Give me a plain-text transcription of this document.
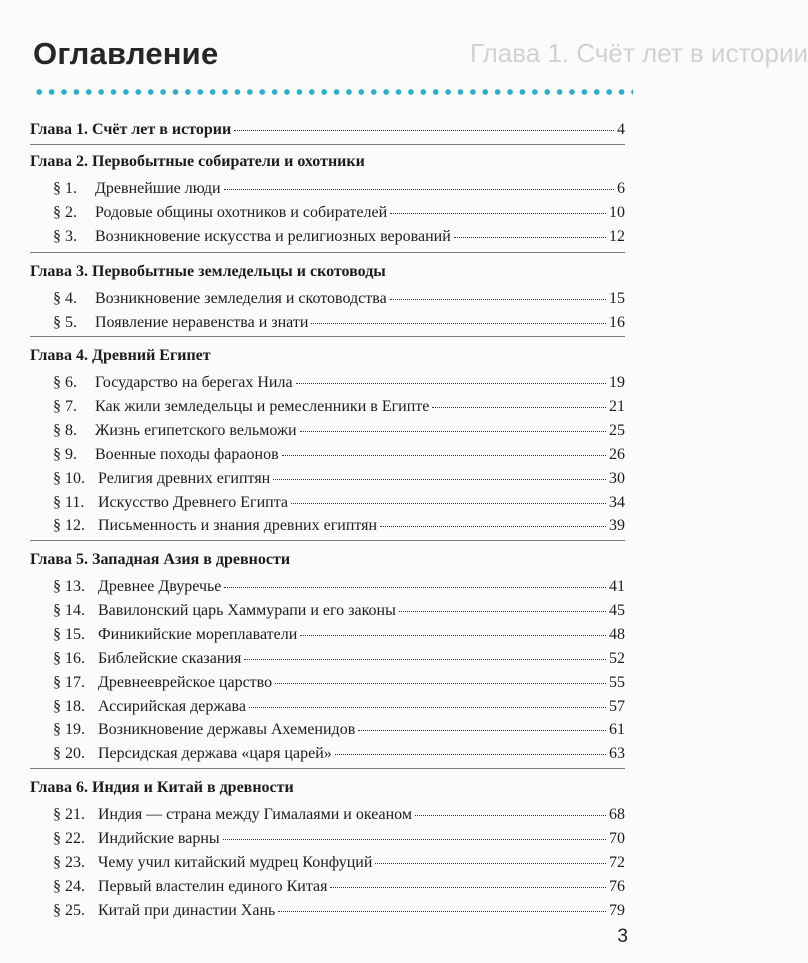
Глава 1. Счёт лет в истории
Оглавление
Глава 1. Счёт лет в истории	4
Глава 2. Первобытные собиратели и охотники
§ 1.	Древнейшие люди	6
§ 2.	Родовые общины охотников и собирателей	10
§ 3.	Возникновение искусства и религиозных верований	12
Глава 3. Первобытные земледельцы и скотоводы
§ 4.	Возникновение земледелия и скотоводства	15
§ 5.	Появление неравенства и знати	16
Глава 4. Древний Египет
§ 6.	Государство на берегах Нила	19
§ 7.	Как жили земледельцы и ремесленники в Египте	21
§ 8.	Жизнь египетского вельможи	25
§ 9.	Военные походы фараонов	26
§ 10. Религия древних египтян	30
§ 11. Искусство Древнего Египта	34
§ 12. Письменность и знания древних египтян	39
Глава 5. Западная Азия в древности
§ 13. Древнее Двуречье	41
§ 14. Вавилонский царь Хаммурапи и его законы	45
§ 15. Финикийские мореплаватели	48
§ 16. Библейские сказания	52
§ 17. Древнееврейское царство	55
§ 18. Ассирийская держава	57
§ 19. Возникновение державы Ахеменидов	61
§ 20. Персидская держава «царя царей»	63
Глава 6. Индия и Китай в древности
§ 21. Индия — страна между Гималаями и океаном	68
§ 22. Индийские варны	70
§ 23. Чему учил китайский мудрец Конфуций	72
§ 24. Первый властелин единого Китая	76
§ 25. Китай при династии Хань	79
3
